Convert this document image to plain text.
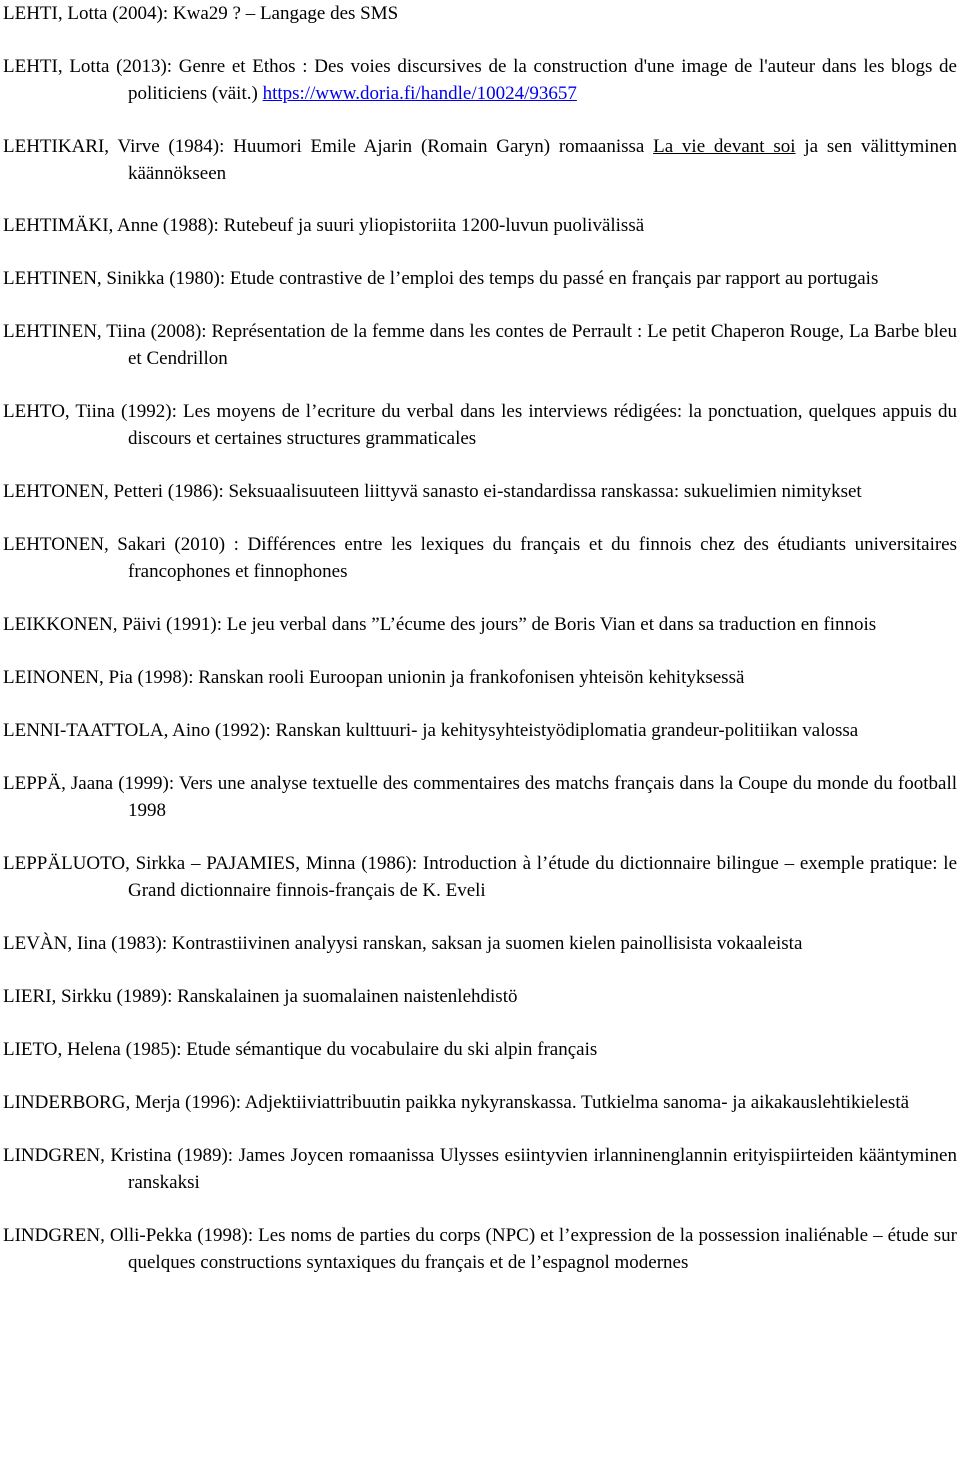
LEHTI, Lotta (2004): Kwa29 ? – Langage des SMS

LEHTI, Lotta (2013): Genre et Ethos : Des voies discursives de la construction d'une image de l'auteur dans les blogs de politiciens (väit.) https://www.doria.fi/handle/10024/93657

LEHTIKARI, Virve (1984): Huumori Emile Ajarin (Romain Garyn) romaanissa La vie devant soi ja sen välittyminen käännökseen

LEHTIMÄKI, Anne (1988): Rutebeuf ja suuri yliopistoriita 1200-luvun puolivälissä

LEHTINEN, Sinikka (1980): Etude contrastive de l’emploi des temps du passé en français par rapport au portugais

LEHTINEN, Tiina (2008): Représentation de la femme dans les contes de Perrault : Le petit Chaperon Rouge, La Barbe bleu et Cendrillon

LEHTO, Tiina (1992): Les moyens de l’ecriture du verbal dans les interviews rédigées: la ponctuation, quelques appuis du discours et certaines structures grammaticales

LEHTONEN, Petteri (1986): Seksuaalisuuteen liittyvä sanasto ei-standardissa ranskassa: sukuelimien nimitykset

LEHTONEN, Sakari (2010) : Différences entre les lexiques du français et du finnois chez des étudiants universitaires francophones et finnophones

LEIKKONEN, Päivi (1991): Le jeu verbal dans ”L’écume des jours” de Boris Vian et dans sa traduction en finnois

LEINONEN, Pia (1998): Ranskan rooli Euroopan unionin ja frankofonisen yhteisön kehityksessä

LENNI-TAATTOLA, Aino (1992): Ranskan kulttuuri- ja kehitysyhteistyödiplomatia grandeur-politiikan valossa

LEPPÄ, Jaana (1999): Vers une analyse textuelle des commentaires des matchs français dans la Coupe du monde du football 1998

LEPPÄLUOTO, Sirkka – PAJAMIES, Minna (1986): Introduction à l’étude du dictionnaire bilingue – exemple pratique: le Grand dictionnaire finnois-français de K. Eveli

LEVÀN, Iina (1983): Kontrastiivinen analyysi ranskan, saksan ja suomen kielen painollisista vokaaleista

LIERI, Sirkku (1989): Ranskalainen ja suomalainen naistenlehdistö

LIETO, Helena (1985): Etude sémantique du vocabulaire du ski alpin français

LINDERBORG, Merja (1996): Adjektiiviattribuutin paikka nykyranskassa. Tutkielma sanoma- ja aikakauslehtikielestä

LINDGREN, Kristina (1989): James Joycen romaanissa Ulysses esiintyvien irlanninenglannin erityispiirteiden kääntyminen ranskaksi

LINDGREN, Olli-Pekka (1998): Les noms de parties du corps (NPC) et l’expression de la possession inaliénable – étude sur quelques constructions syntaxiques du français et de l’espagnol modernes
